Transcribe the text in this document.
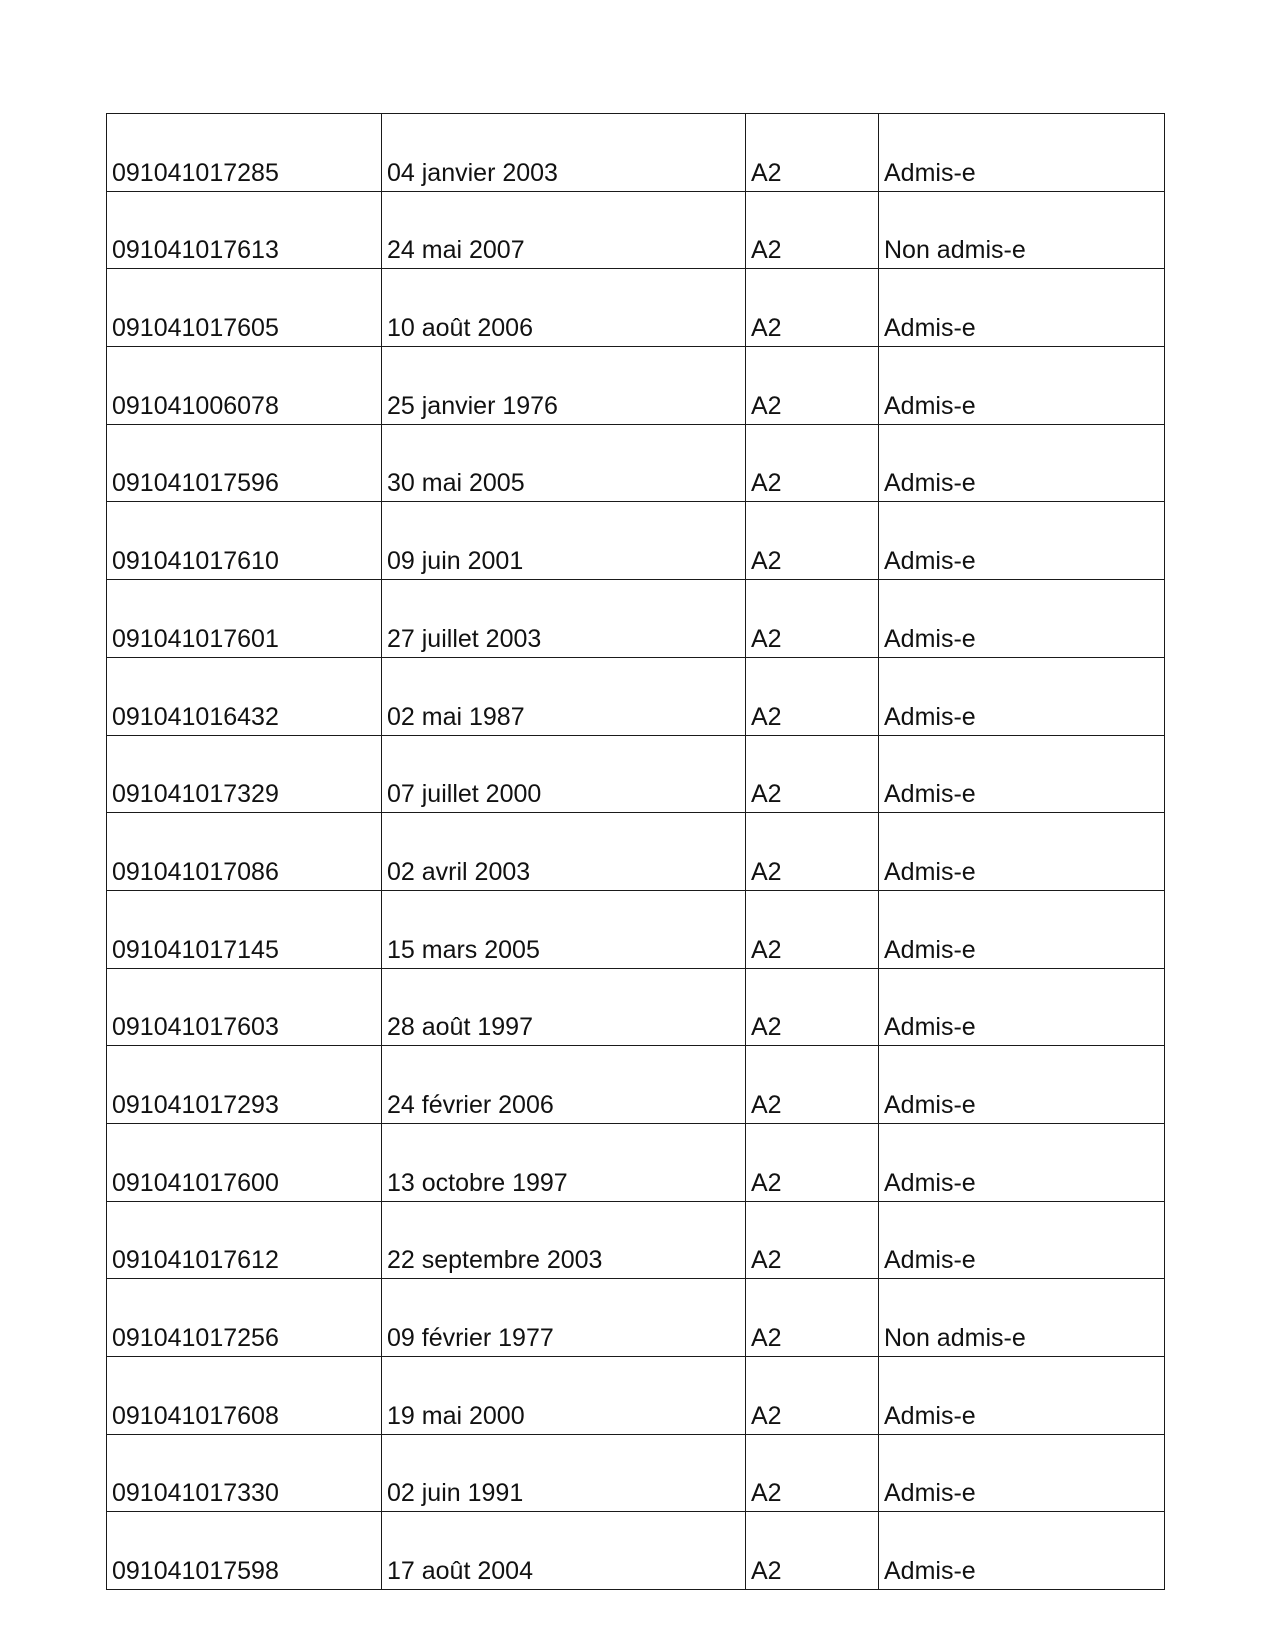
091041017285	04 janvier 2003	A2	Admis-e
091041017613	24 mai 2007	A2	Non admis-e
091041017605	10 août 2006	A2	Admis-e
091041006078	25 janvier 1976	A2	Admis-e
091041017596	30 mai 2005	A2	Admis-e
091041017610	09 juin 2001	A2	Admis-e
091041017601	27 juillet 2003	A2	Admis-e
091041016432	02 mai 1987	A2	Admis-e
091041017329	07 juillet 2000	A2	Admis-e
091041017086	02 avril 2003	A2	Admis-e
091041017145	15 mars 2005	A2	Admis-e
091041017603	28 août 1997	A2	Admis-e
091041017293	24 février 2006	A2	Admis-e
091041017600	13 octobre 1997	A2	Admis-e
091041017612	22 septembre 2003	A2	Admis-e
091041017256	09 février 1977	A2	Non admis-e
091041017608	19 mai 2000	A2	Admis-e
091041017330	02 juin 1991	A2	Admis-e
091041017598	17 août 2004	A2	Admis-e
